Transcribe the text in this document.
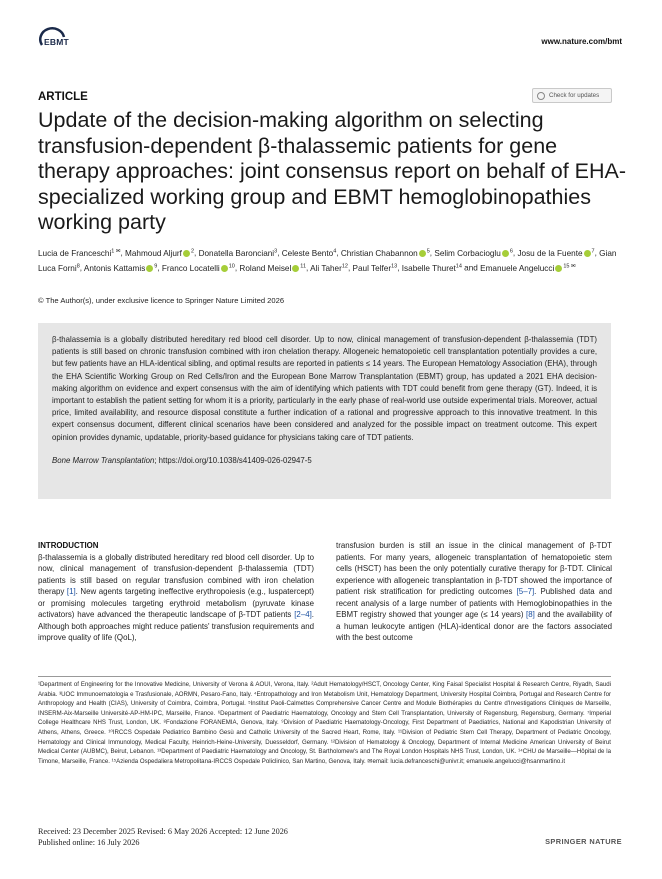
EBMT	www.nature.com/bmt
ARTICLE	Check for updates
Update of the decision-making algorithm on selecting transfusion-dependent β-thalassemic patients for gene therapy approaches: joint consensus report on behalf of EHA-specialized working group and EBMT hemoglobinopathies working party
Lucia de Franceschi$^{1 ✉}$, Mahmoud Aljurf $^2$, Donatella Baronciani$^3$, Celeste Bento$^4$, Christian Chabannon $^5$, Selim Corbacioglu $^6$, Josu de la Fuente $^7$, Gian Luca Forni$^8$, Antonis Kattamis $^9$, Franco Locatelli $^{10}$, Roland Meisel $^{11}$, Ali Taher$^{12}$, Paul Telfer$^{13}$, Isabelle Thuret$^{14}$ and Emanuele Angelucci $^{15 ✉}$
© The Author(s), under exclusive licence to Springer Nature Limited 2026

β-thalassemia is a globally distributed hereditary red blood cell disorder. Up to now, clinical management of transfusion-dependent β-thalassemia (TDT) patients is still based on chronic transfusion combined with iron chelation therapy. Allogeneic hematopoietic cell transplantation potentially provides a cure, but few patients have an HLA-identical sibling, and optimal results are reported in patients ≤ 14 years. The European Hematology Association (EHA), through the EHA Scientific Working Group on Red Cells/Iron and the European Bone Marrow Transplantation (EBMT) group, has updated a 2021 EHA decision-making algorithm on evidence and expert consensus with the aim of identifying which patients with TDT could benefit from gene therapy (GT). Indeed, it is important to establish the patient setting for whom it is a priority, particularly in the early phase of real-world use outside experimental trials. Moreover, actual price, limited availability, and resource disposal constitute a further indication of a rational and progressive approach to this innovative treatment. In this expert consensus document, different clinical scenarios have been considered and analyzed for the possible impact on treatment outcome. This expert opinion provides dynamic, updatable, priority-based guidance for physicians taking care of TDT patients.

Bone Marrow Transplantation; https://doi.org/10.1038/s41409-026-02947-5

INTRODUCTION

β-thalassemia is a globally distributed hereditary red blood cell disorder. Up to now, clinical management of transfusion-dependent β-thalassemia (TDT) patients is still based on regular transfusion combined with iron chelation therapy [1]. New agents targeting ineffective erythropoiesis (e.g., luspatercept) or promising molecules targeting erythroid metabolism (pyruvate kinase activators) have advanced the therapeutic landscape of β-TDT patients [2–4]. Although both approaches might reduce patients' transfusion requirements and improve quality of life (QoL),

transfusion burden is still an issue in the clinical management of β-TDT patients. For many years, allogeneic transplantation of hematopoietic stem cells (HSCT) has been the only potentially curative therapy for β-TDT. Clinical experience with allogeneic transplantation in β-TDT showed the importance of patient risk stratification for predicting outcomes [5–7]. Published data and recent analysis of a large number of patients with Hemoglobinopathies in the EBMT registry showed that younger age (≤ 14 years) [8] and the availability of a human leukocyte antigen (HLA)-identical donor are the factors associated with the best outcome

¹Department of Engineering for the Innovative Medicine, University of Verona & AOUI, Verona, Italy. ²Adult Hematology/HSCT, Oncology Center, King Faisal Specialist Hospital & Research Centre, Riyadh, Saudi Arabia. ³UOC Immunoematologia e Trasfusionale, AORMN, Pesaro-Fano, Italy. ⁴Entropathology and Iron Metabolism Unit, Hematology Department, University Hospital Coimbra, Portugal and Research Centre for Anthropology and Health (CIAS), University of Coimbra, Coimbra, Portugal. ⁵Institut Paoli-Calmettes Comprehensive Cancer Centre and Module Biothérapies du Centre d'Investigations Cliniques de Marseille, INSERM-Aix-Marseille Université-AP-HM-IPC, Marseille, France. ⁶Department of Paediatric Haematology, Oncology and Stem Cell Transplantation, University of Regensburg, Regensburg, Germany. ⁷Imperial College Healthcare NHS Trust, London, UK. ⁸Fondazione FORANEMIA, Genova, Italy. ⁹Division of Paediatric Haematology-Oncology, First Department of Paediatrics, National and Kapodistrian University of Athens, Athens, Greece. ¹⁰IRCCS Ospedale Pediatrico Bambino Gesù and Catholic University of the Sacred Heart, Rome, Italy. ¹¹Division of Pediatric Stem Cell Therapy, Department of Pediatric Oncology, Hematology and Clinical Immunology, Medical Faculty, Heinrich-Heine-University, Duesseldorf, Germany. ¹²Division of Hematology & Oncology, Department of Internal Medicine American University of Beirut Medical Center (AUBMC), Beirut, Lebanon. ¹³Department of Paediatric Haematology and Oncology, St. Bartholomew's and The Royal London Hospitals NHS Trust, London, UK. ¹⁴CHU de Marseille—Hôpital de la Timone, Marseille, France. ¹⁵Azienda Ospedaliera Metropolitana-IRCCS Ospedale Policlinico, San Martino, Genova, Italy. ✉email: lucia.defranceschi@univr.it; emanuele.angelucci@hsanmartino.it
Received: 23 December 2025 Revised: 6 May 2026 Accepted: 12 June 2026
Published online: 16 July 2026	SPRINGER NATURE
